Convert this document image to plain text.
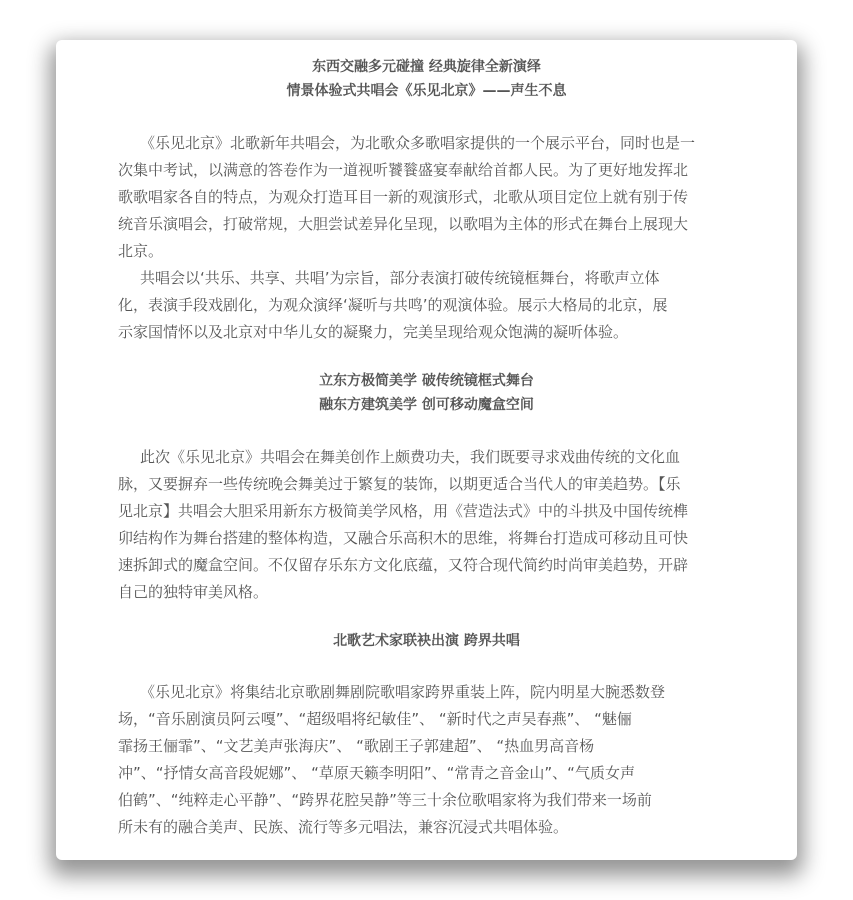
东西交融多元碰撞 经典旋律全新演绎
情景体验式共唱会《乐见北京》——声生不息
《乐见北京》北歌新年共唱会，为北歌众多歌唱家提供的一个展示平台，同时也是一
次集中考试，以满意的答卷作为一道视听饕餮盛宴奉献给首都人民。为了更好地发挥北
歌歌唱家各自的特点，为观众打造耳目一新的观演形式，北歌从项目定位上就有别于传
统音乐演唱会，打破常规，大胆尝试差异化呈现，以歌唱为主体的形式在舞台上展现大
北京。
共唱会以‘共乐、共享、共唱’为宗旨，部分表演打破传统镜框舞台，将歌声立体
化，表演手段戏剧化，为观众演绎‘凝听与共鸣’的观演体验。展示大格局的北京，展
示家国情怀以及北京对中华儿女的凝聚力，完美呈现给观众饱满的凝听体验。
立东方极简美学 破传统镜框式舞台
融东方建筑美学 创可移动魔盒空间
此次《乐见北京》共唱会在舞美创作上颇费功夫，我们既要寻求戏曲传统的文化血
脉，又要摒弃一些传统晚会舞美过于繁复的装饰，以期更适合当代人的审美趋势。【乐
见北京】共唱会大胆采用新东方极简美学风格，用《营造法式》中的斗拱及中国传统榫
卯结构作为舞台搭建的整体构造，又融合乐高积木的思维，将舞台打造成可移动且可快
速拆卸式的魔盒空间。不仅留存乐东方文化底蕴，又符合现代简约时尚审美趋势，开辟
自己的独特审美风格。
北歌艺术家联袂出演 跨界共唱
《乐见北京》将集结北京歌剧舞剧院歌唱家跨界重装上阵，院内明星大腕悉数登
场，“音乐剧演员阿云嘎”、“超级唱将纪敏佳”、 “新时代之声吴春燕”、 “魅俪
霏扬王俪霏”、“文艺美声张海庆”、 “歌剧王子郭建超”、 “热血男高音杨
冲”、“抒情女高音段妮娜”、 “草原天籁李明阳”、“常青之音金山”、“气质女声
伯鹤”、“纯粹走心平静”、“跨界花腔吴静”等三十余位歌唱家将为我们带来一场前
所未有的融合美声、民族、流行等多元唱法，兼容沉浸式共唱体验。
